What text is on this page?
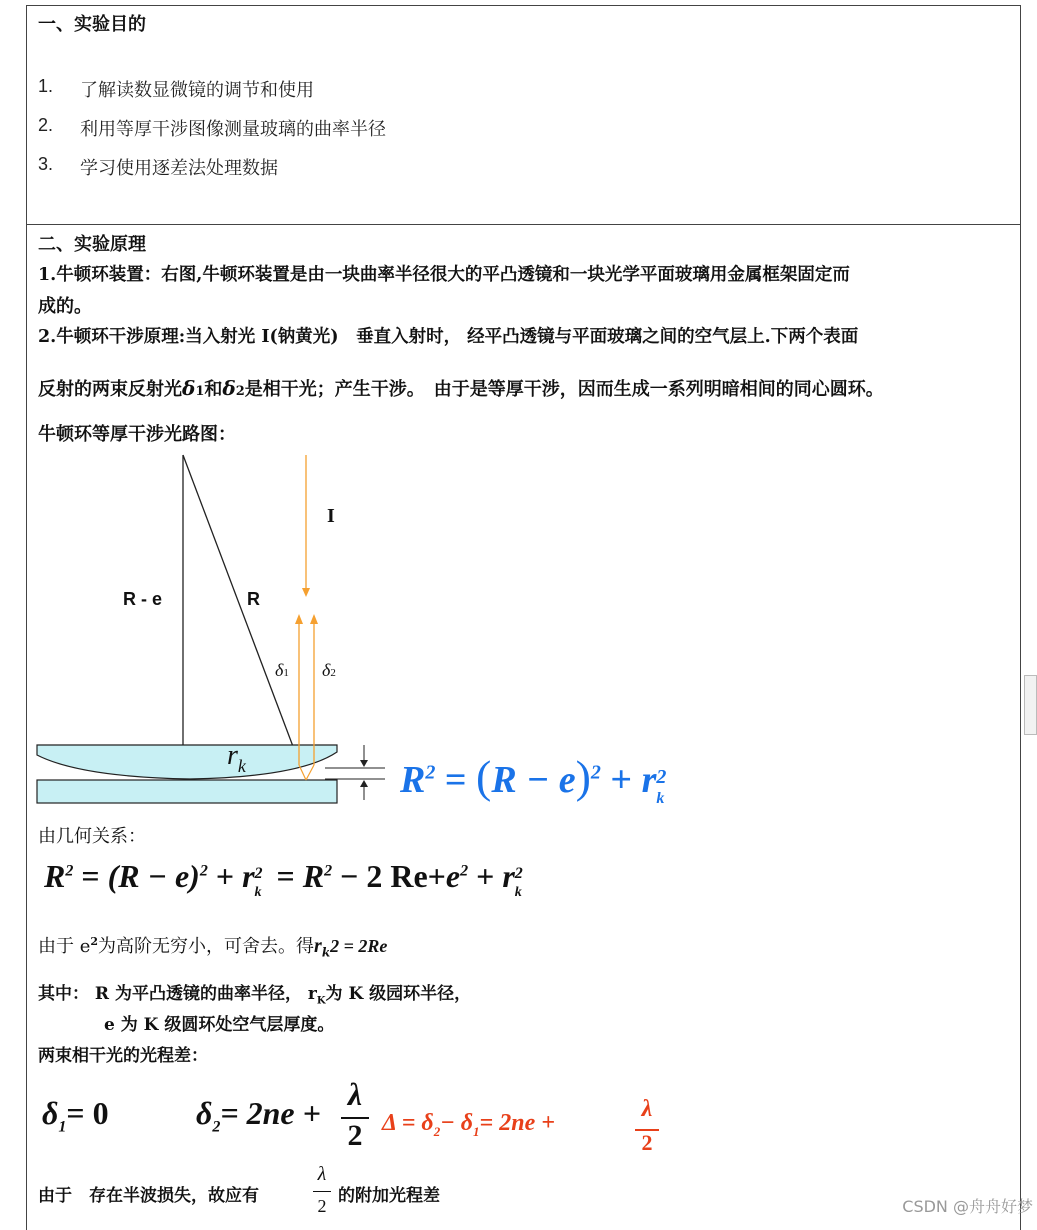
一、实验目的
1. 了解读数显微镜的调节和使用
2. 利用等厚干涉图像测量玻璃的曲率半径
3. 学习使用逐差法处理数据
二、实验原理
1.牛顿环装置：右图,牛顿环装置是由一块曲率半径很大的平凸透镜和一块光学平面玻璃用金属框架固定而
成的。
2.牛顿环干涉原理:当入射光 I(钠黄光)　垂直入射时， 经平凸透镜与平面玻璃之间的空气层上.下两个表面
反射的两束反射光δ1和δ2是相干光；产生干涉。　由于是等厚干涉，因而生成一系列明暗相间的同心圆环。
牛顿环等厚干涉光路图：
I
R - e	R
δ1 δ2
$r_k$	$R^2 = (R - e)^2 + r$ 2
k
由几何关系：
$R^2 = (R - e)^2 + r$ 2
$k = R^2 - 2$ $Re+e^2 + r$ 2
k
由于 $e^2$为高阶无穷小，可舍去。得$r_k2 = 2Re$
其中： R 为平凸透镜的曲率半径， $r_K$为 K 级园环半径，
e 为 K 级圆环处空气层厚度。
两束相干光的光程差：
$\delta_1= 0$	$\delta_2= 2ne$ +
λ
2 $\Delta = \delta_2- \delta_1= 2ne$ +
λ
2
由于　存在半波损失，故应有
λ
2 的附加光程差
CSDN @舟舟好梦
